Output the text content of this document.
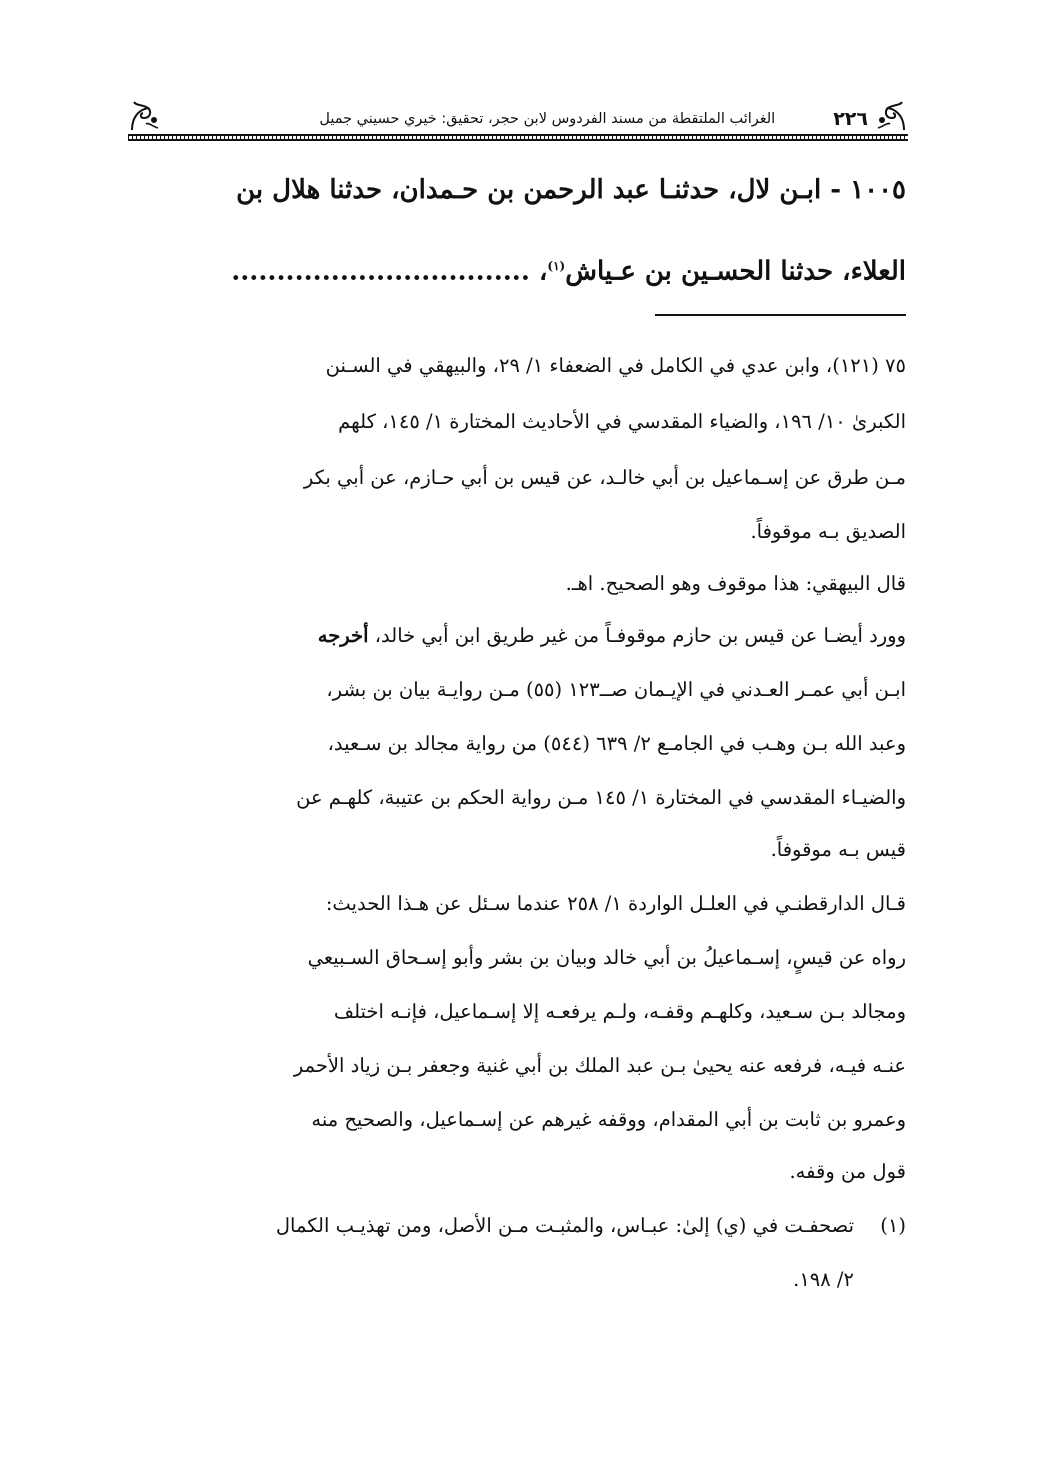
٢٢٦
الغرائب الملتقطة من مسند الفردوس لابن حجر، تحقيق: خيري حسيني جميل
١٠٠٥ - ابـن لال، حدثنـا عبد الرحمن بن حـمدان، حدثنا هلال بن
العلاء، حدثنا الحسـين بن عـياش$^{(١)}$، .................................
٧٥ (١٢١)، وابن عدي في الكامل في الضعفاء ١/ ٢٩، والبيهقي في السـنن
الكبرىٰ ١٠/ ١٩٦، والضياء المقدسي في الأحاديث المختارة ١/ ١٤٥، كلهم
مـن طرق عن إسـماعيل بن أبي خالـد، عن قيس بن أبي حـازم، عن أبي بكر
الصديق بـه موقوفاً.
قال البيهقي: هذا موقوف وهو الصحيح. اهـ.
وورد أيضـا عن قيس بن حازم موقوفـاً من غير طريق ابن أبي خالد، أخرجه
ابـن أبي عمـر العـدني في الإيـمان صــ١٢٣ (٥٥) مـن روايـة بيان بن بشر،
وعبد الله بـن وهـب في الجامـع ٢/ ٦٣٩ (٥٤٤) من رواية مجالد بن سـعيد،
والضيـاء المقدسي في المختارة ١/ ١٤٥ مـن رواية الحكم بن عتيبة، كلهـم عن
قيس بـه موقوفاً.
قـال الدارقطنـي في العلـل الواردة ١/ ٢٥٨ عندما سـئل عن هـذا الحديث:
رواه عن قيسٍ، إسـماعيلُ بن أبي خالد وبيان بن بشر وأبو إسـحاق السـبيعي
ومجالد بـن سـعيد، وكلهـم وقفـه، ولـم يرفعـه إلا إسـماعيل، فإنـه اختلف
عنـه فيـه، فرفعه عنه يحيىٰ بـن عبد الملك بن أبي غنية وجعفر بـن زياد الأحمر
وعمرو بن ثابت بن أبي المقدام، ووقفه غيرهم عن إسـماعيل، والصحيح منه
قول من وقفه.
(١)تصحفـت في (ي) إلىٰ: عبـاس، والمثبـت مـن الأصل، ومن تهذيـب الكمال
٢/ ١٩٨.
